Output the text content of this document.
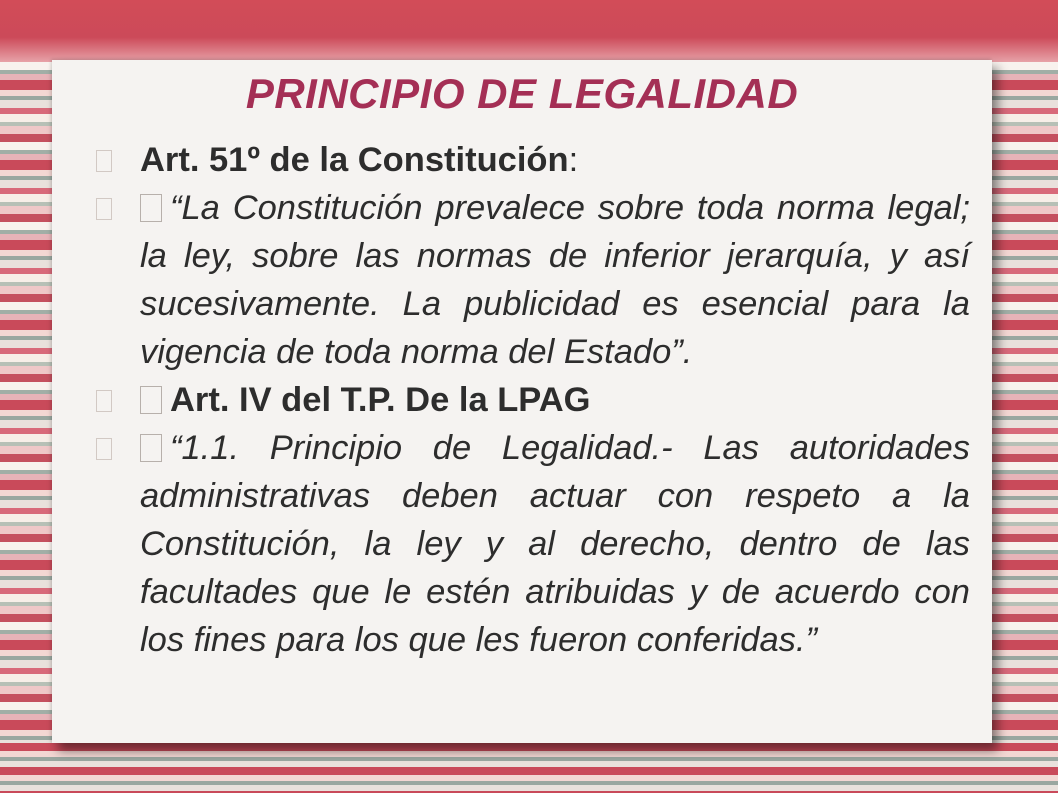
PRINCIPIO DE LEGALIDAD
Art. 51º de la Constitución:
“La Constitución prevalece sobre toda norma legal; la ley, sobre las normas de inferior jerarquía, y así sucesivamente. La publicidad es esencial para la vigencia de toda norma del Estado”.
Art. IV del T.P. De la LPAG
“1.1. Principio de Legalidad.- Las autoridades administrativas deben actuar con respeto a la Constitución, la ley y al derecho, dentro de las facultades que le estén atribuidas y de acuerdo con los fines para los que les fueron conferidas.”
